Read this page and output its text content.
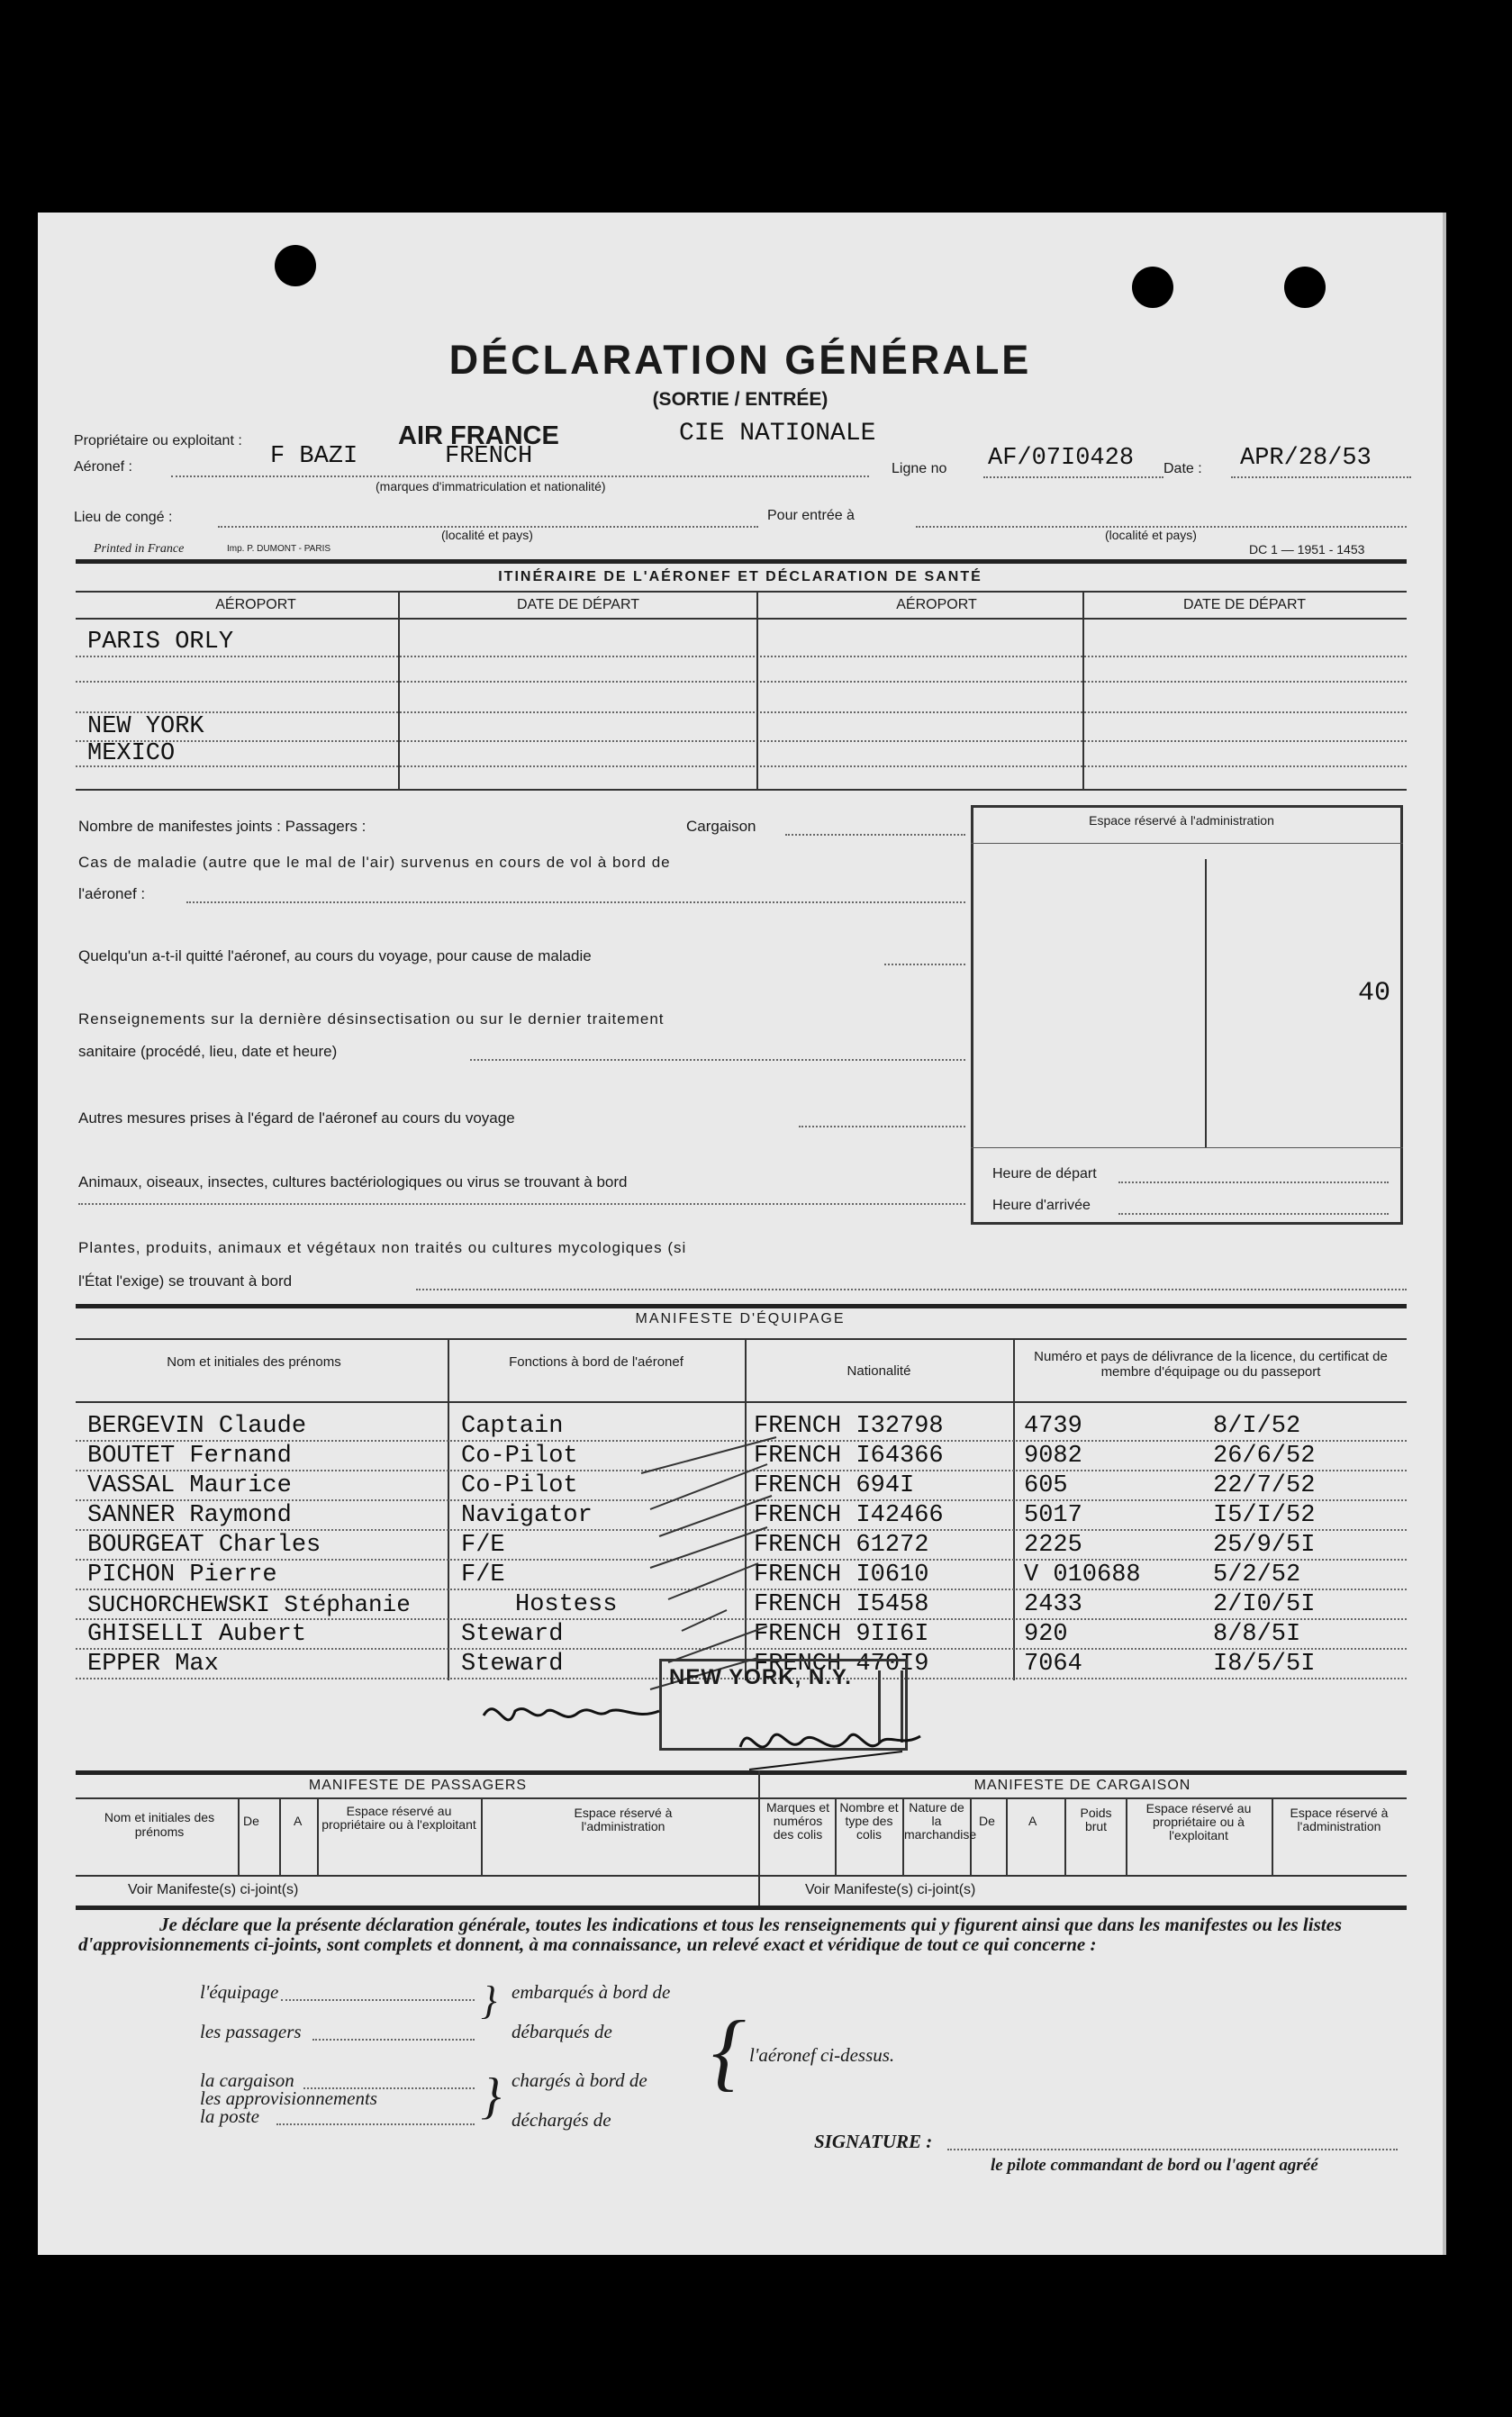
DÉCLARATION GÉNÉRALE
(SORTIE / ENTRÉE)
Propriétaire ou exploitant :	AIR FRANCE	CIE NATIONALE
Aéronef :	F BAZI	FRENCH
(marques d'immatriculation et nationalité)
Ligne no AF/07I0428 Date : APR/28/53
Lieu de congé :
(localité et pays)
Pour entrée à
(localité et pays)
Printed in France	Imp. P. DUMONT - PARIS	DC 1 — 1951 - 1453
ITINÉRAIRE DE L'AÉRONEF ET DÉCLARATION DE SANTÉ
AÉROPORT	DATE DE DÉPART	AÉROPORT	DATE DE DÉPART
PARIS ORLY
NEW YORK
MEXICO
Nombre de manifestes joints : Passagers :	Cargaison
Cas de maladie (autre que le mal de l'air) survenus en cours de vol à bord de
l'aéronef :
Quelqu'un a-t-il quitté l'aéronef, au cours du voyage, pour cause de maladie
Renseignements sur la dernière désinsectisation ou sur le dernier traitement
sanitaire (procédé, lieu, date et heure)
Autres mesures prises à l'égard de l'aéronef au cours du voyage
Animaux, oiseaux, insectes, cultures bactériologiques ou virus se trouvant à bord
Plantes, produits, animaux et végétaux non traités ou cultures mycologiques (si
l'État l'exige) se trouvant à bord
Espace réservé à l'administration
40
Heure de départ
Heure d'arrivée
MANIFESTE D'ÉQUIPAGE
Nom et initiales des prénoms	Fonctions à bord de l'aéronef
Nationalité
Numéro et pays de délivrance de la licence, du certificat de membre d'équipage ou du passeport
BERGEVIN Claude	Captain	FRENCH I32798	4739	8/I/52
BOUTET Fernand	Co-Pilot	FRENCH I64366	9082	26/6/52
VASSAL Maurice	Co-Pilot	FRENCH 694I	605	22/7/52
SANNER Raymond	Navigator	FRENCH I42466	5017	I5/I/52
BOURGEAT Charles	F/E	FRENCH 61272	2225	25/9/5I
PICHON Pierre	F/E	FRENCH I0610	V 010688	5/2/52
SUCHORCHEWSKI Stéphanie	Hostess	FRENCH I5458	2433	2/I0/5I
GHISELLI Aubert	Steward	FRENCH 9II6I	920	8/8/5I
EPPER Max	Steward	FRENCH 470I9	7064	I8/5/5I
NEW YORK, N.Y.
MANIFESTE DE PASSAGERS	MANIFESTE DE CARGAISON
Nom et initiales des prénoms
De	A
Espace réservé au propriétaire ou à l'exploitant
Espace réservé à l'administration
Marques et numéros des colis
Nombre et type des colis
Nature de la marchandise
De	A
Poids brut
Espace réservé au propriétaire ou à l'exploitant
Espace réservé à l'administration
Voir Manifeste(s) ci-joint(s)	Voir Manifeste(s) ci-joint(s)
Je déclare que la présente déclaration générale, toutes les indications et tous les renseignements qui y figurent ainsi que dans les manifestes ou les listes d'approvisionnements ci-joints, sont complets et donnent, à ma connaissance, un relevé exact et véridique de tout ce qui concerne :
l'équipage
les passagers
} embarqués à bord de
débarqués de
la cargaison
les approvisionnements
la poste	} chargés à bord de
déchargés de
{ l'aéronef ci-dessus.
SIGNATURE :
le pilote commandant de bord ou l'agent agréé
